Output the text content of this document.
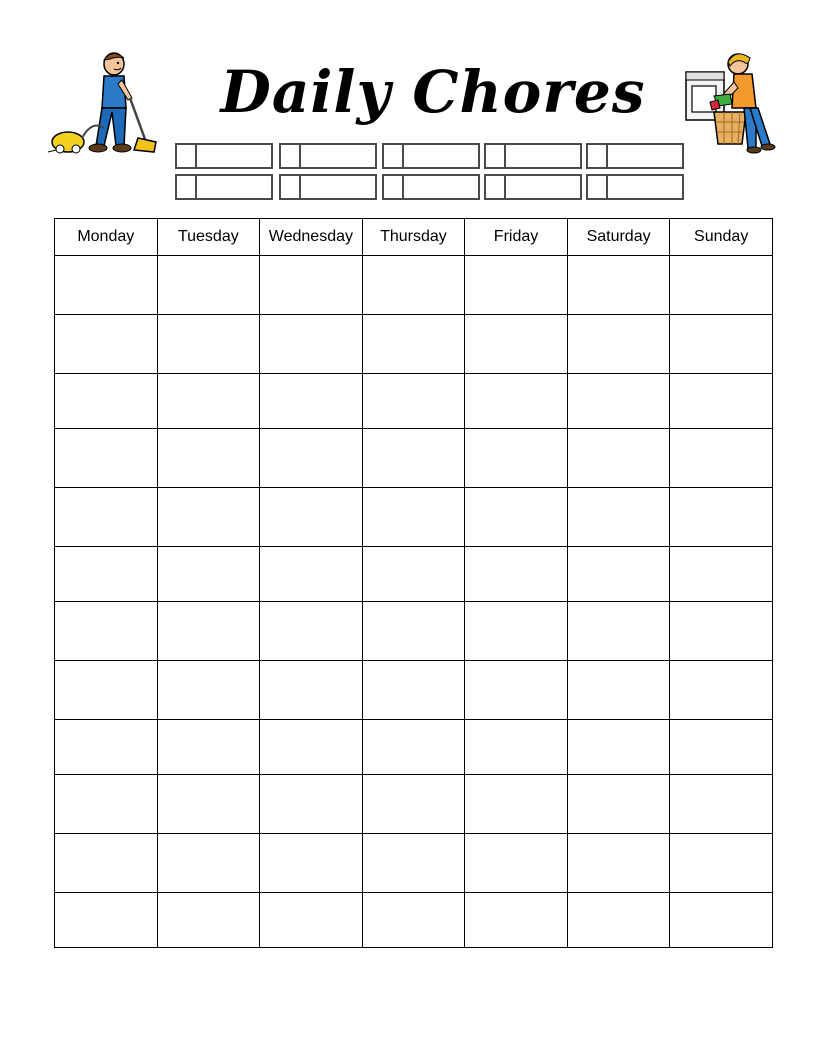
Daily Chores
Monday	Tuesday	Wednesday	Thursday	Friday	Saturday	Sunday
